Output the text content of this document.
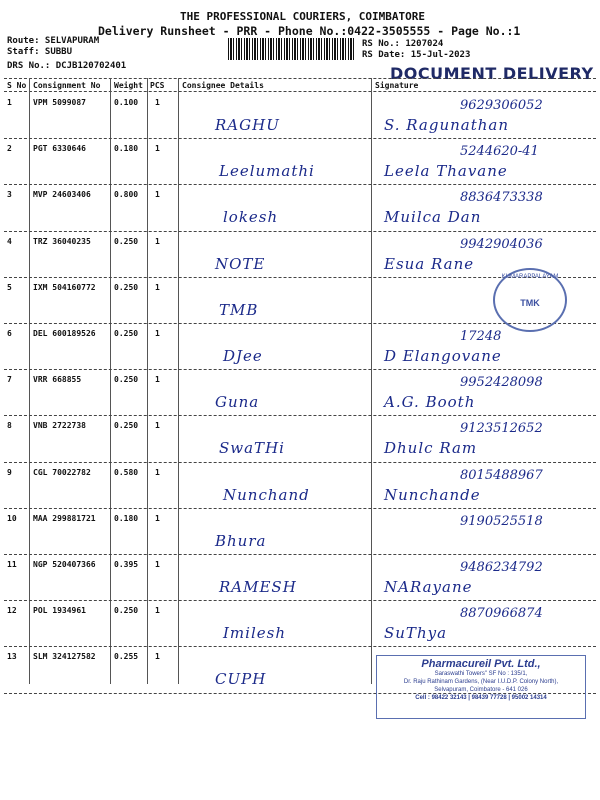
THE PROFESSIONAL COURIERS, COIMBATORE
Delivery Runsheet - PRR - Phone No.:0422-3505555 - Page No.:1
Route: SELVAPURAM
Staff: SUBBU
DRS No.: DCJB120702401
RS No.: 1207024
RS Date: 15-Jul-2023
DOCUMENT DELIVERY
S No Consignment No Weight PCS Consignee Details	Signature
1	VPM 5099087	0.100 1
RAGHU	S. Ragunathan
9629306052
2	PGT 6330646	0.180 1
Leelumathi	Leela Thavane
5244620-41
3	MVP 24603406	0.800 1
lokesh	Muilca Dan
8836473338
4	TRZ 36040235	0.250 1
NOTE	Esua Rane
9942904036
5	IXM 504160772 0.250 1
TMB
6	DEL 600189526 0.250 1
DJee	D Elangovane
17248
7	VRR 668855	0.250 1
Guna	A.G. Booth
9952428098
8	VNB 2722738	0.250 1
SwaTHi	Dhulc Ram
9123512652
9	CGL 70022782	0.580 1
Nunchand	Nunchande
8015488967
10 MAA 299881721 0.180 1
Bhura
9190525518
11 NGP 520407366 0.395 1
RAMESH	NARayane
9486234792
12 POL 1934961	0.250 1
Imilesh	SuThya
8870966874
13 SLM 324127582 0.255 1
CUPH
KUMARAPPALAYAM
TMK
Pharmacureil Pvt. Ltd.,
Saraswathi Towers" SF No : 135/1,
Dr. Raju Rathinam Gardens, (Near I.U.D.P. Colony North),
Selvapuram, Coimbatore - 641 026
Cell : 98422 32143 | 98439 77728 | 95002 14314
